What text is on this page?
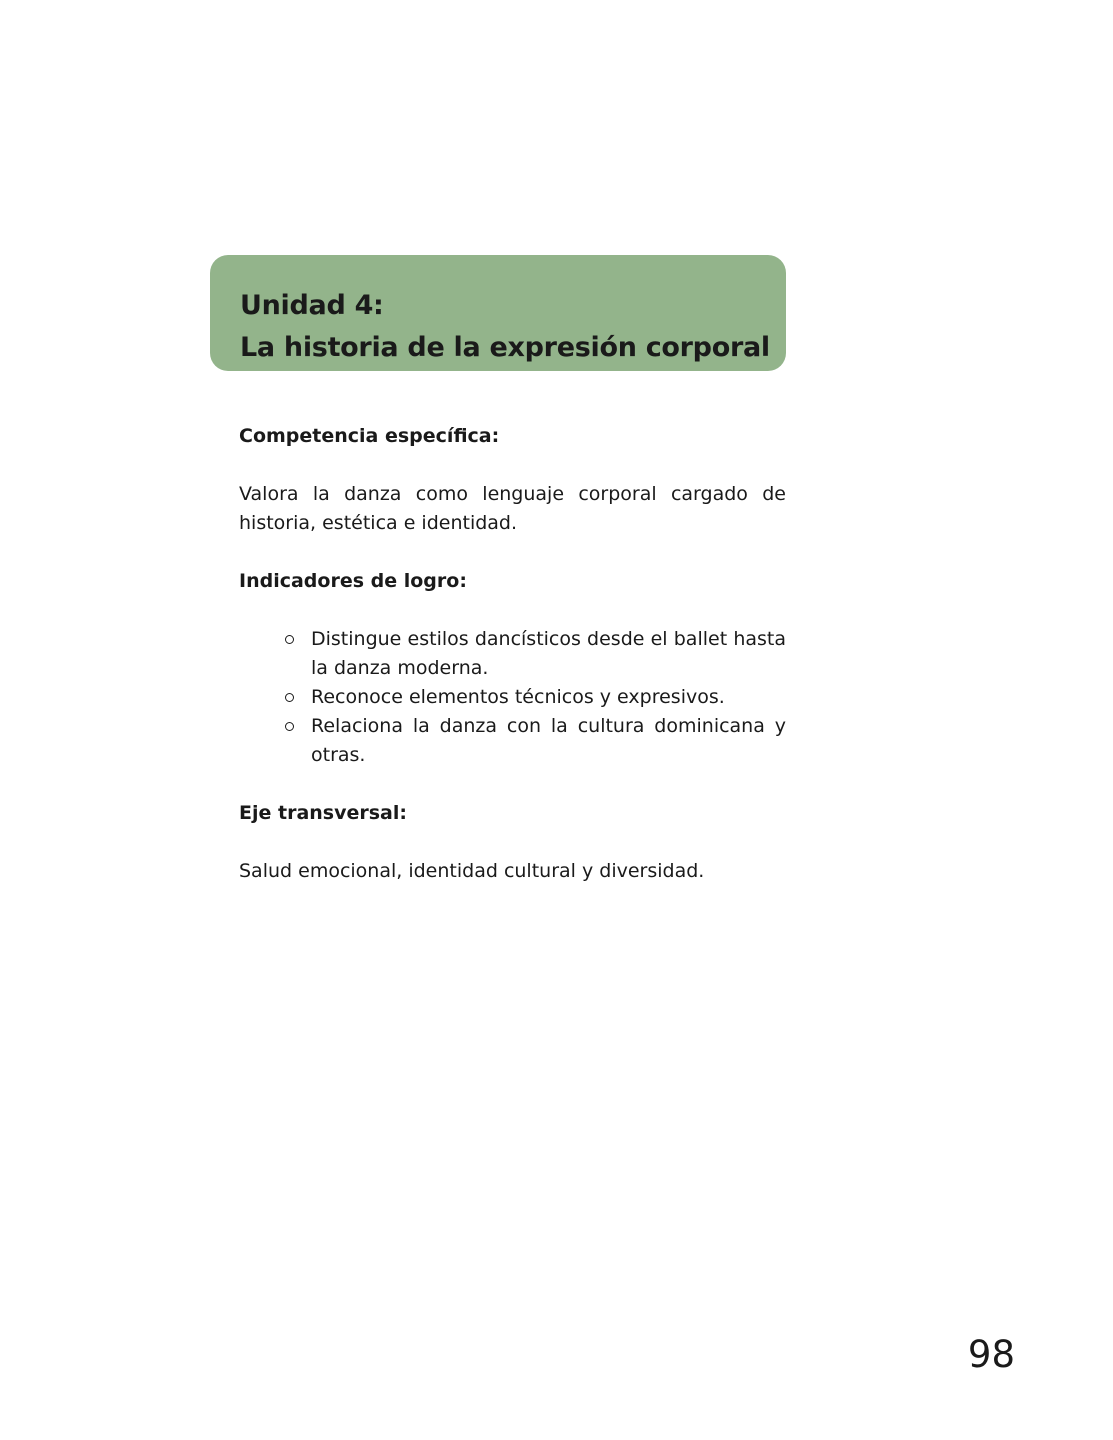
Unidad 4:
La historia de la expresión corporal

Competencia específica:

Valora la danza como lenguaje corporal cargado de historia, estética e identidad.

Indicadores de logro:

Distingue estilos dancísticos desde el ballet hasta la danza moderna.
Reconoce elementos técnicos y expresivos.
Relaciona la danza con la cultura dominicana y otras.

Eje transversal:

Salud emocional, identidad cultural y diversidad.

98
